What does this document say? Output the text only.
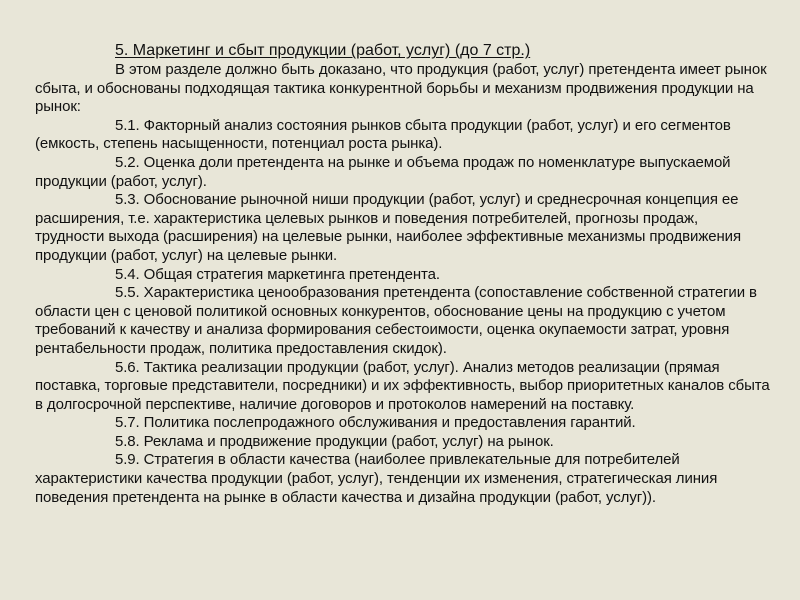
5. Маркетинг и сбыт продукции (работ, услуг) (до 7 стр.)

В этом разделе должно быть доказано, что продукция (работ, услуг) претендента имеет рынок сбыта, и обоснованы подходящая тактика конкурентной борьбы и механизм продвижения продукции на рынок:

5.1. Факторный анализ состояния рынков сбыта продукции (работ, услуг) и его сегментов (емкость, степень насыщенности, потенциал роста рынка).

5.2. Оценка доли претендента на рынке и объема продаж по номенклатуре выпускаемой продукции (работ, услуг).

5.3. Обоснование рыночной ниши продукции (работ, услуг) и среднесрочная концепция ее расширения, т.е. характеристика целевых рынков и поведения потребителей, прогнозы продаж, трудности выхода (расширения) на целевые рынки, наиболее эффективные механизмы продвижения продукции (работ, услуг) на целевые рынки.

5.4. Общая стратегия маркетинга претендента.

5.5. Характеристика ценообразования претендента (сопоставление собственной стратегии в области цен с ценовой политикой основных конкурентов, обоснование цены на продукцию с учетом требований к качеству и анализа формирования себестоимости, оценка окупаемости затрат, уровня рентабельности продаж, политика предоставления скидок).

5.6. Тактика реализации продукции (работ, услуг). Анализ методов реализации (прямая поставка, торговые представители, посредники) и их эффективность, выбор приоритетных каналов сбыта в долгосрочной перспективе, наличие договоров и протоколов намерений на поставку.

5.7. Политика послепродажного обслуживания и предоставления гарантий.

5.8. Реклама и продвижение продукции (работ, услуг) на рынок.

5.9. Стратегия в области качества (наиболее привлекательные для потребителей характеристики качества продукции (работ, услуг), тенденции их изменения, стратегическая линия поведения претендента на рынке в области качества и дизайна продукции (работ, услуг)).
